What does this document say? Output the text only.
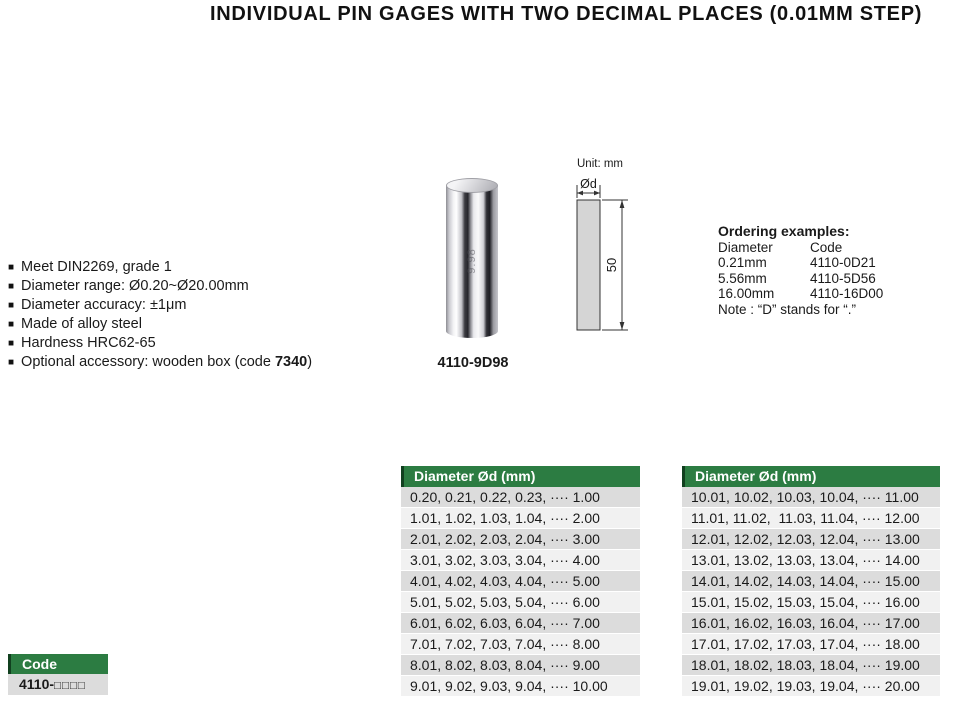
INDIVIDUAL PIN GAGES WITH TWO DECIMAL PLACES (0.01MM STEP)
■ Meet DIN2269, grade 1
■ Diameter range: Ø0.20~Ø20.00mm
■ Diameter accuracy: ±1μm
■ Made of alloy steel
■ Hardness HRC62-65
■ Optional accessory: wooden box (code 7340)
9.98
4110-9D98
Unit: mm
Ød
50
Ordering examples:
Diameter	Code
0.21mm	4110-0D21
5.56mm	4110-5D56
16.00mm	4110-16D00
Note : “D” stands for “.”
Diameter Ød (mm)
0.20, 0.21, 0.22, 0.23, ···· 1.00
1.01, 1.02, 1.03, 1.04, ···· 2.00
2.01, 2.02, 2.03, 2.04, ···· 3.00
3.01, 3.02, 3.03, 3.04, ···· 4.00
4.01, 4.02, 4.03, 4.04, ···· 5.00
5.01, 5.02, 5.03, 5.04, ···· 6.00
6.01, 6.02, 6.03, 6.04, ···· 7.00
7.01, 7.02, 7.03, 7.04, ···· 8.00
8.01, 8.02, 8.03, 8.04, ···· 9.00
9.01, 9.02, 9.03, 9.04, ···· 10.00
Diameter Ød (mm)
10.01, 10.02, 10.03, 10.04, ···· 11.00
11.01, 11.02,  11.03, 11.04, ···· 12.00
12.01, 12.02, 12.03, 12.04, ···· 13.00
13.01, 13.02, 13.03, 13.04, ···· 14.00
14.01, 14.02, 14.03, 14.04, ···· 15.00
15.01, 15.02, 15.03, 15.04, ···· 16.00
16.01, 16.02, 16.03, 16.04, ···· 17.00
17.01, 17.02, 17.03, 17.04, ···· 18.00
18.01, 18.02, 18.03, 18.04, ···· 19.00
19.01, 19.02, 19.03, 19.04, ···· 20.00
Code
4110-□□□□
